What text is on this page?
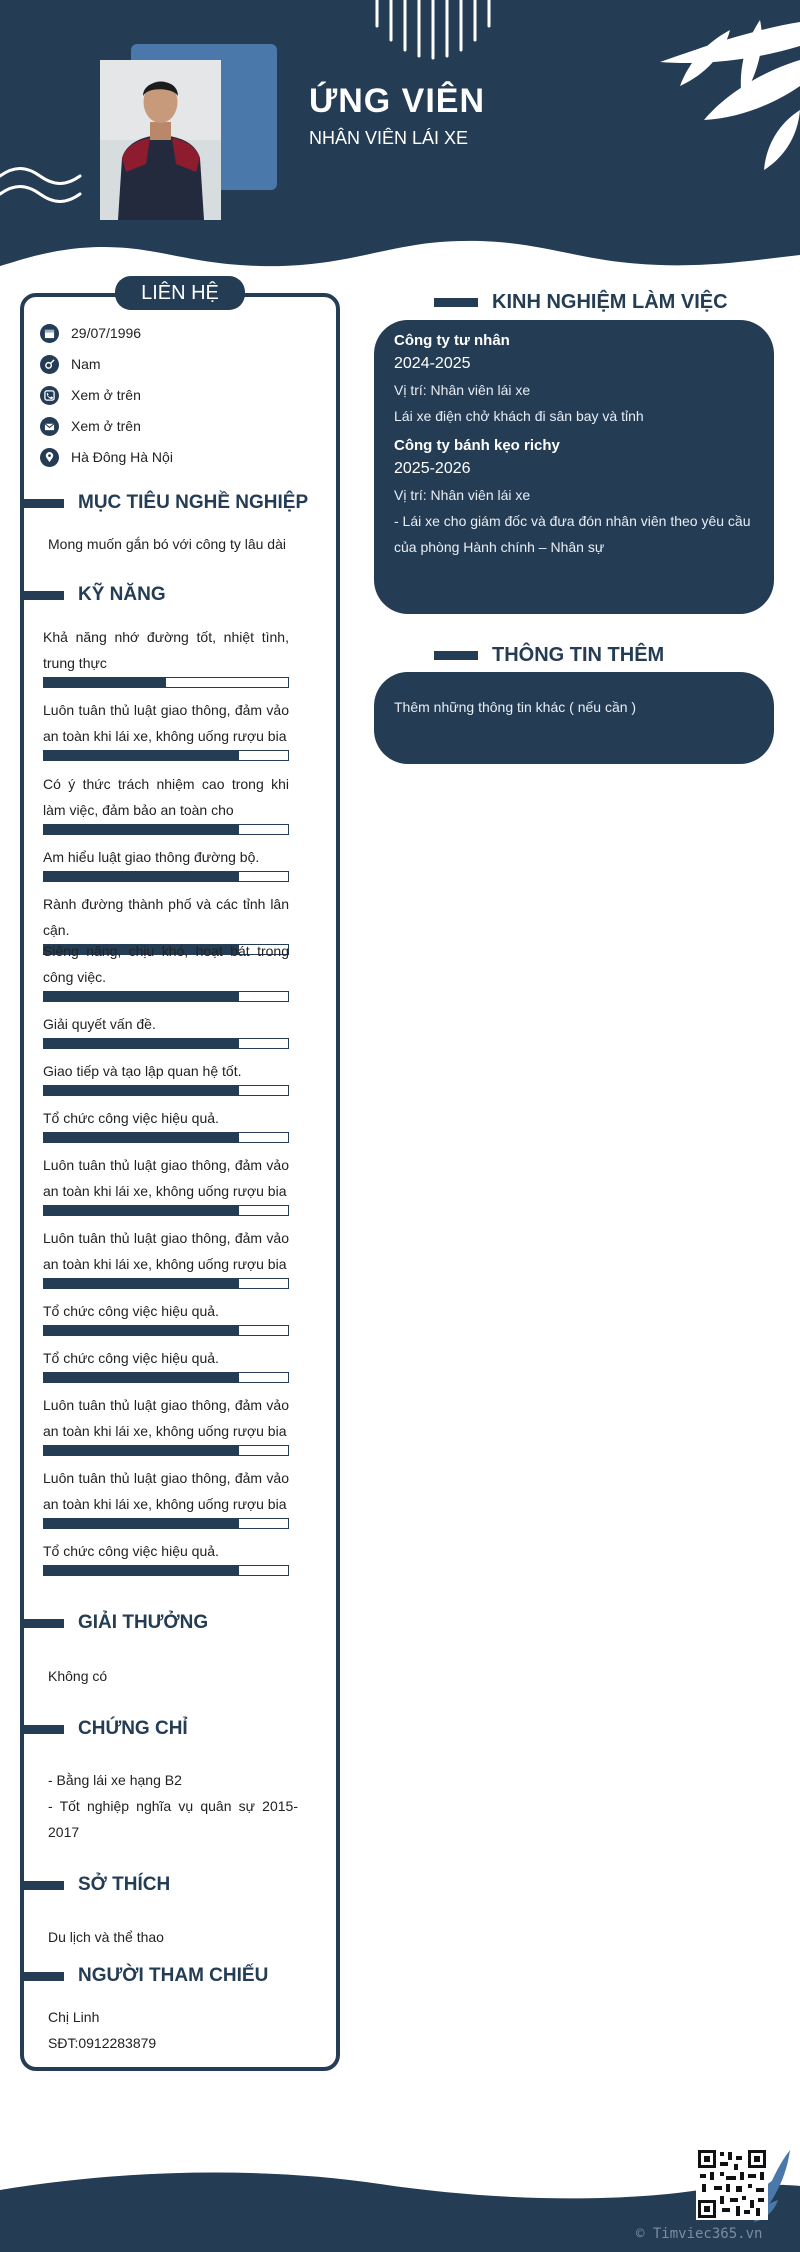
ỨNG VIÊN
NHÂN VIÊN LÁI XE
LIÊN HỆ
29/07/1996
Nam
Xem ở trên
Xem ở trên
Hà Đông Hà Nội
MỤC TIÊU NGHỀ NGHIỆP
Mong muốn gắn bó với công ty lâu dài
KỸ NĂNG
Khả năng nhớ đường tốt, nhiệt tình, trung thực
Luôn tuân thủ luật giao thông, đảm vảo an toàn khi lái xe, không uống rượu bia
Có ý thức trách nhiệm cao trong khi làm việc, đảm bảo an toàn cho
Am hiểu luật giao thông đường bộ.
Rành đường thành phố và các tỉnh lân cận.
Siêng năng, chịu khó, hoạt bát trong công việc.
Giải quyết vấn đề.
Giao tiếp và tạo lập quan hệ tốt.
Tổ chức công việc hiệu quả.
Luôn tuân thủ luật giao thông, đảm vảo an toàn khi lái xe, không uống rượu bia
Luôn tuân thủ luật giao thông, đảm vảo an toàn khi lái xe, không uống rượu bia
Tổ chức công việc hiệu quả.
Tổ chức công việc hiệu quả.
Luôn tuân thủ luật giao thông, đảm vảo an toàn khi lái xe, không uống rượu bia
Luôn tuân thủ luật giao thông, đảm vảo an toàn khi lái xe, không uống rượu bia
Tổ chức công việc hiệu quả.
GIẢI THƯỞNG
Không có
CHỨNG CHỈ
- Bằng lái xe hạng B2
- Tốt nghiệp nghĩa vụ quân sự 2015-2017
SỞ THÍCH
Du lịch và thể thao
NGƯỜI THAM CHIẾU
Chị Linh
SĐT:0912283879
KINH NGHIỆM LÀM VIỆC
Công ty tư nhân
2024-2025
Vị trí: Nhân viên lái xe
Lái xe điện chở khách đi sân bay và tỉnh
Công ty bánh kẹo richy
2025-2026
Vị trí: Nhân viên lái xe
- Lái xe cho giám đốc và đưa đón nhân viên theo yêu cầu của phòng Hành chính – Nhân sự
THÔNG TIN THÊM
Thêm những thông tin khác ( nếu cần )
© Timviec365.vn
